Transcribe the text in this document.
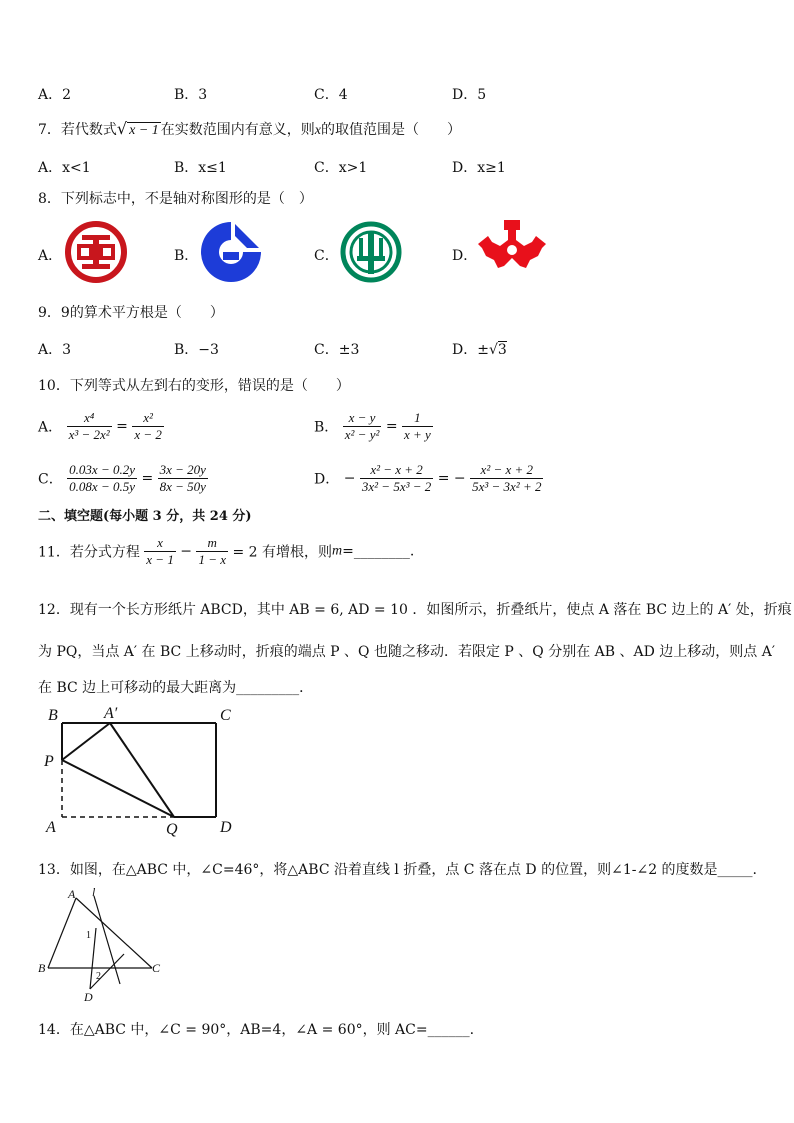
A．2	B．3	C．4	D．5
7．若代数式√ x − 1 在实数范围内有意义，则x的取值范围是（　　）
A．x<1	B．x≤1	C．x>1	D．x≥1
8．下列标志中，不是轴对称图形的是（　）
A．	B．	C．	D．
9．9的算术平方根是（　　）
A．3	B．−3	C．±3	D．±√3
10．下列等式从左到右的变形，错误的是（　　）
A． $\frac{\text{x⁴}}{\text{x³ − 2x²}} = \frac{\text{x²}}{x - 2}$	B． $\frac{x - y}{\text{x² − y²}} = \frac{1}{x + y}$
C． $\frac{0.03x - 0.2y}{0.08x - 0.5y} = \frac{3x - 20y}{8x - 50y}$	D． − $\frac{\text{x² − x + 2}}{\text{3x² − 5x³ − 2}}$ = − $\frac{\text{x² − x + 2}}{\text{5x³ − 3x² + 2}}$
二、填空题(每小题 3 分，共 24 分)
11．若分式方程 $\frac{x}{x - 1} - \frac{m}{1 - x} = 2$ 有增根，则m=________.
12．现有一个长方形纸片 ABCD，其中 AB = 6, AD = 10 ．如图所示，折叠纸片，使点 A 落在 BC 边上的 A′ 处，折痕
为 PQ，当点 A′ 在 BC 上移动时，折痕的端点 P 、Q 也随之移动．若限定 P 、Q 分别在 AB 、AD 边上移动，则点 A′
在 BC 边上可移动的最大距离为_________．
B	A′	C
P
A	Q	D
13．如图，在△ABC 中，∠C=46°，将△ABC 沿着直线 l 折叠，点 C 落在点 D 的位置，则∠1-∠2 的度数是_____.
A l
1
B	C
2
D
14．在△ABC 中，∠C = 90°，AB=4，∠A = 60°，则 AC=______.
